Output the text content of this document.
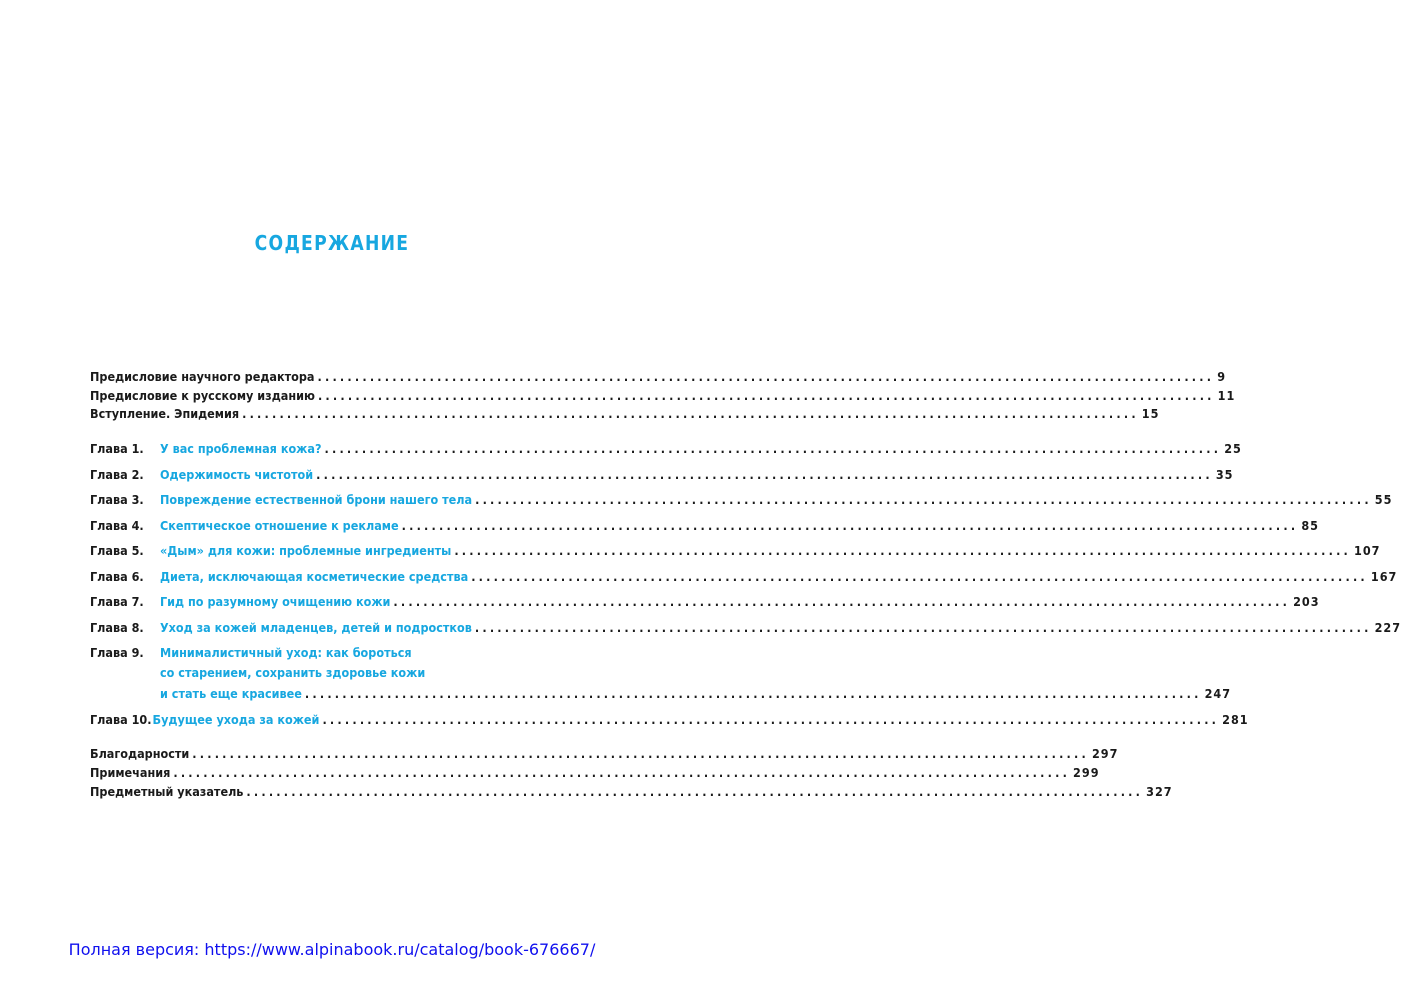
СОДЕРЖАНИЕ
Предисловие научного редактора ........................................................................................................................ 9
Предисловие к русскому изданию ........................................................................................................................ 11
Вступление. Эпидемия ........................................................................................................................ 15
Глава 1.	У вас проблемная кожа? ........................................................................................................................ 25
Глава 2.	Одержимость чистотой ........................................................................................................................ 35
Глава 3.	Повреждение естественной брони нашего тела ........................................................................................................................ 55
Глава 4.	Скептическое отношение к рекламе ........................................................................................................................ 85
Глава 5.	«Дым» для кожи: проблемные ингредиенты ........................................................................................................................ 107
Глава 6.	Диета, исключающая косметические средства ........................................................................................................................ 167
Глава 7.	Гид по разумному очищению кожи ........................................................................................................................ 203
Глава 8.	Уход за кожей младенцев, детей и подростков ........................................................................................................................ 227
Глава 9.	Минималистичный уход: как бороться
со старением, сохранить здоровье кожи
и стать еще красивее ........................................................................................................................ 247
Глава 10. Будущее ухода за кожей ........................................................................................................................ 281
Благодарности ........................................................................................................................ 297
Примечания ........................................................................................................................ 299
Предметный указатель ........................................................................................................................ 327
Полная версия: https://www.alpinabook.ru/catalog/book-676667/
